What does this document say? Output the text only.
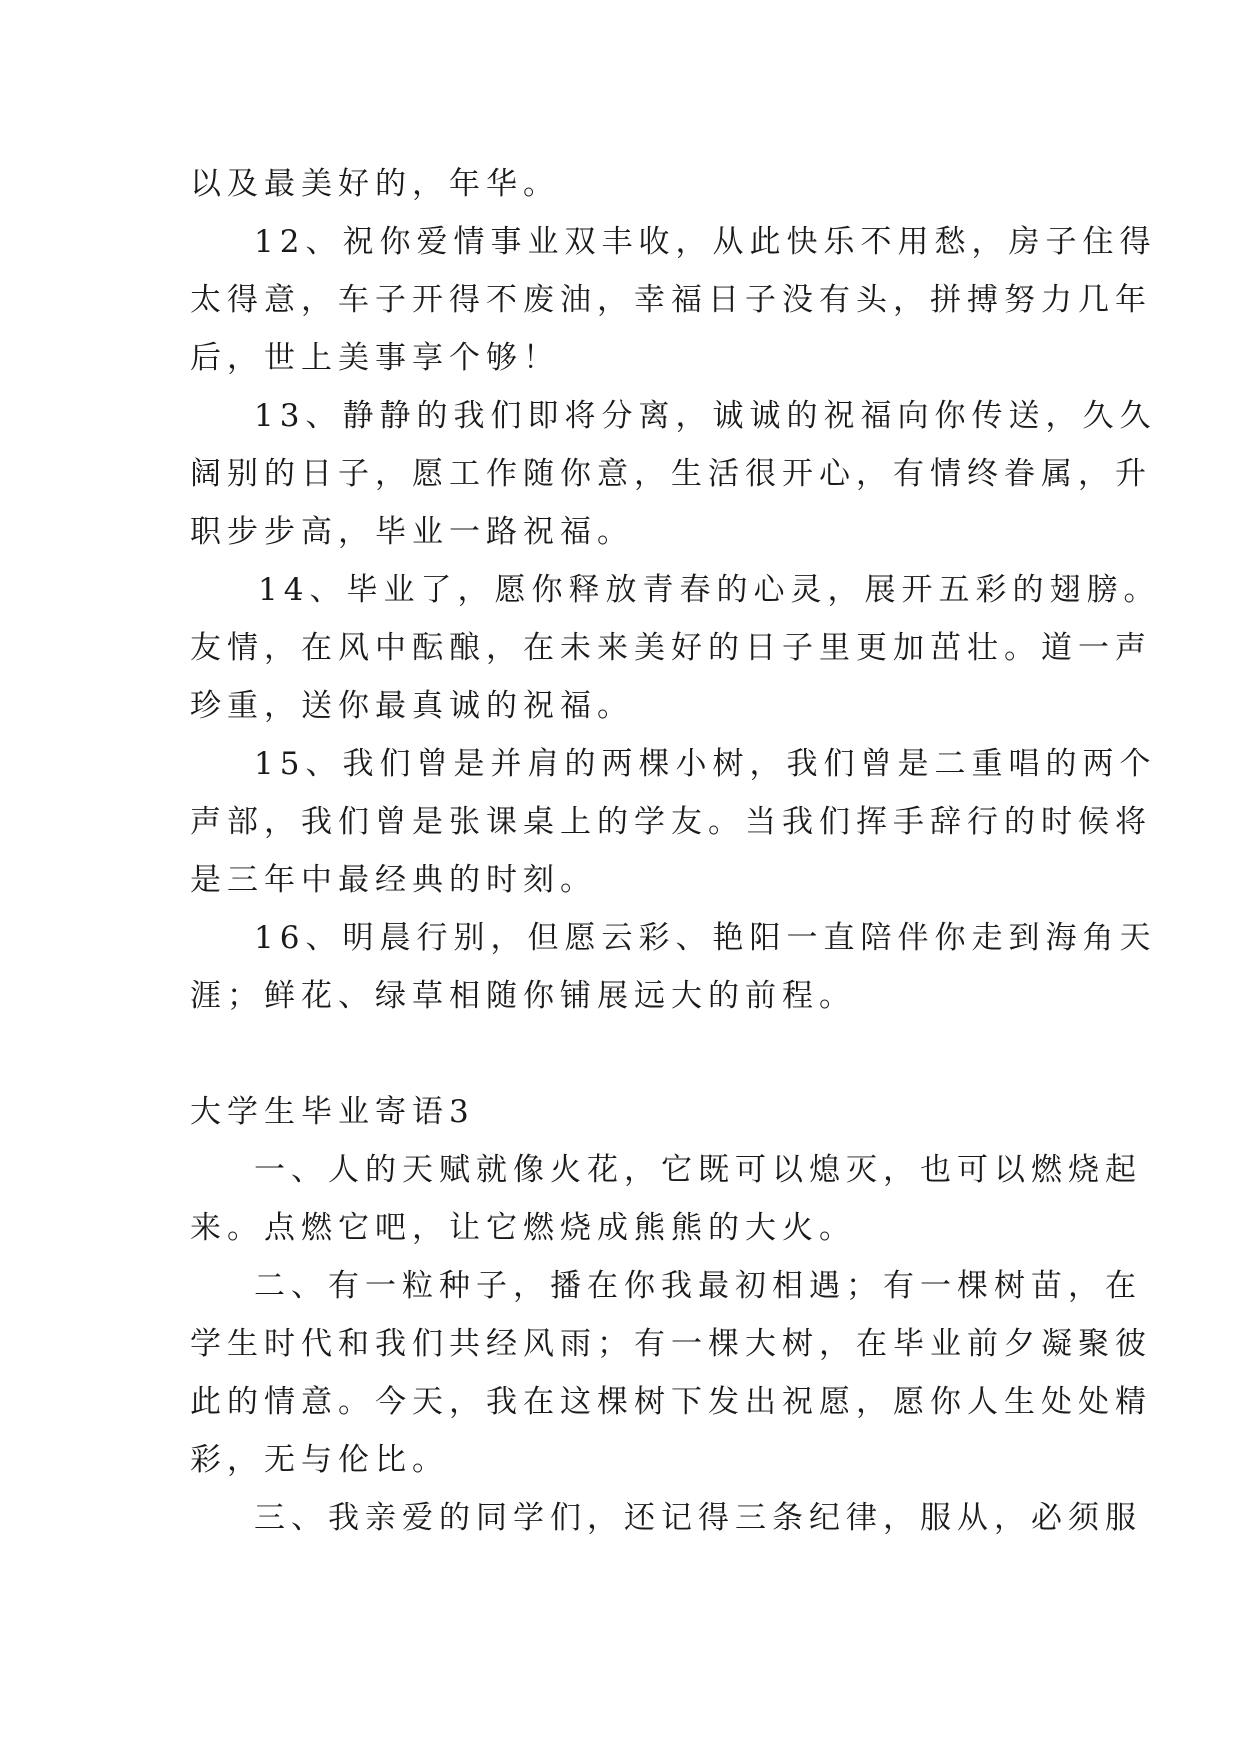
以及最美好的，年华。

12、祝你爱情事业双丰收，从此快乐不用愁，房子住得

太得意，车子开得不废油，幸福日子没有头，拼搏努力几年

后，世上美事享个够！

13、静静的我们即将分离，诚诚的祝福向你传送，久久

阔别的日子，愿工作随你意，生活很开心，有情终眷属，升

职步步高，毕业一路祝福。

14、毕业了，愿你释放青春的心灵，展开五彩的翅膀。

友情，在风中酝酿，在未来美好的日子里更加茁壮。道一声

珍重，送你最真诚的祝福。

15、我们曾是并肩的两棵小树，我们曾是二重唱的两个

声部，我们曾是张课桌上的学友。当我们挥手辞行的时候将

是三年中最经典的时刻。

16、明晨行别，但愿云彩、艳阳一直陪伴你走到海角天

涯；鲜花、绿草相随你铺展远大的前程。

大学生毕业寄语3

一、人的天赋就像火花，它既可以熄灭，也可以燃烧起

来。点燃它吧，让它燃烧成熊熊的大火。

二、有一粒种子，播在你我最初相遇；有一棵树苗，在

学生时代和我们共经风雨；有一棵大树，在毕业前夕凝聚彼

此的情意。今天，我在这棵树下发出祝愿，愿你人生处处精

彩，无与伦比。

三、我亲爱的同学们，还记得三条纪律，服从，必须服
